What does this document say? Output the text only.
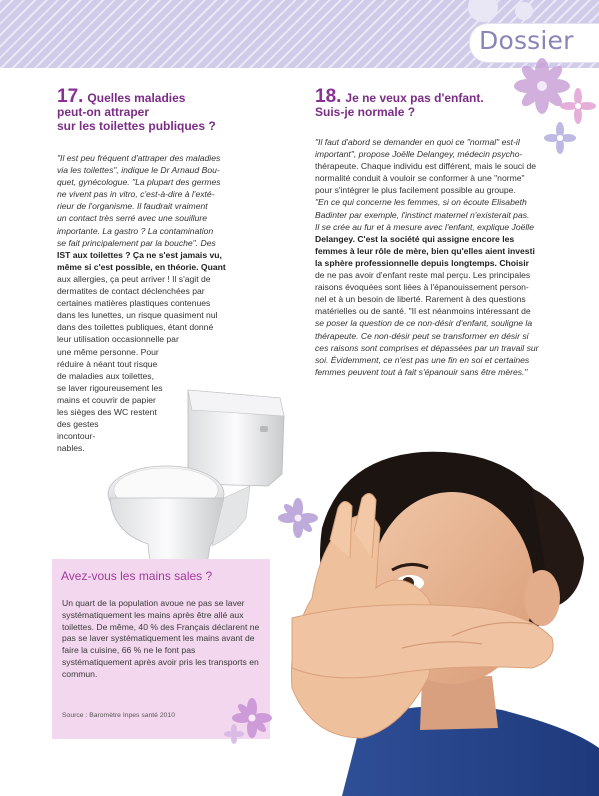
Dossier
17. Quelles maladies
peut-on attraper
sur les toilettes publiques ?

"Il est peu fréquent d'attraper des maladies

via les toilettes", indique le Dr Arnaud Bou-

quet, gynécologue. "La plupart des germes

ne vivent pas in vitro, c'est-à-dire à l'exté-

rieur de l'organisme. Il faudrait vraiment

un contact très serré avec une souillure

importante. La gastro ? La contamination

se fait principalement par la bouche". Des

IST aux toilettes ? Ça ne s'est jamais vu,

même si c'est possible, en théorie. Quant

aux allergies, ça peut arriver ! Il s'agit de

dermatites de contact déclenchées par

certaines matières plastiques contenues

dans les lunettes, un risque quasiment nul

dans des toilettes publiques, étant donné

leur utilisation occasionnelle par

une même personne. Pour

réduire à néant tout risque

de maladies aux toilettes,

se laver rigoureusement les

mains et couvrir de papier

les sièges des WC restent

des gestes

incontour-

nables.

18. Je ne veux pas d'enfant.
Suis-je normale ?

"Il faut d'abord se demander en quoi ce "normal" est-il

important", propose Joëlle Delangey, médecin psycho-

thérapeute. Chaque individu est différent, mais le souci de

normalité conduit à vouloir se conformer à une "norme"

pour s'intégrer le plus facilement possible au groupe.

"En ce qui concerne les femmes, si on écoute Elisabeth

Badinter par exemple, l'instinct maternel n'existerait pas.

Il se crée au fur et à mesure avec l'enfant, explique Joëlle

Delangey. C'est la société qui assigne encore les

femmes à leur rôle de mère, bien qu'elles aient investi

la sphère professionnelle depuis longtemps. Choisir

de ne pas avoir d'enfant reste mal perçu. Les principales

raisons évoquées sont liées à l'épanouissement person-

nel et à un besoin de liberté. Rarement à des questions

matérielles ou de santé. "Il est néanmoins intéressant de

se poser la question de ce non-désir d'enfant, souligne la

thérapeute. Ce non-désir peut se transformer en désir si

ces raisons sont comprises et dépassées par un travail sur

soi. Évidemment, ce n'est pas une fin en soi et certaines

femmes peuvent tout à fait s'épanouir sans être mères."

Avez-vous les mains sales ?
Un quart de la population avoue ne pas se laver systématiquement les mains après être allé aux toilettes. De même, 40 % des Français déclarent ne pas se laver systématiquement les mains avant de faire la cuisine, 66 % ne le font pas systématiquement après avoir pris les transports en commun.
Source : Baromètre Inpes santé 2010
